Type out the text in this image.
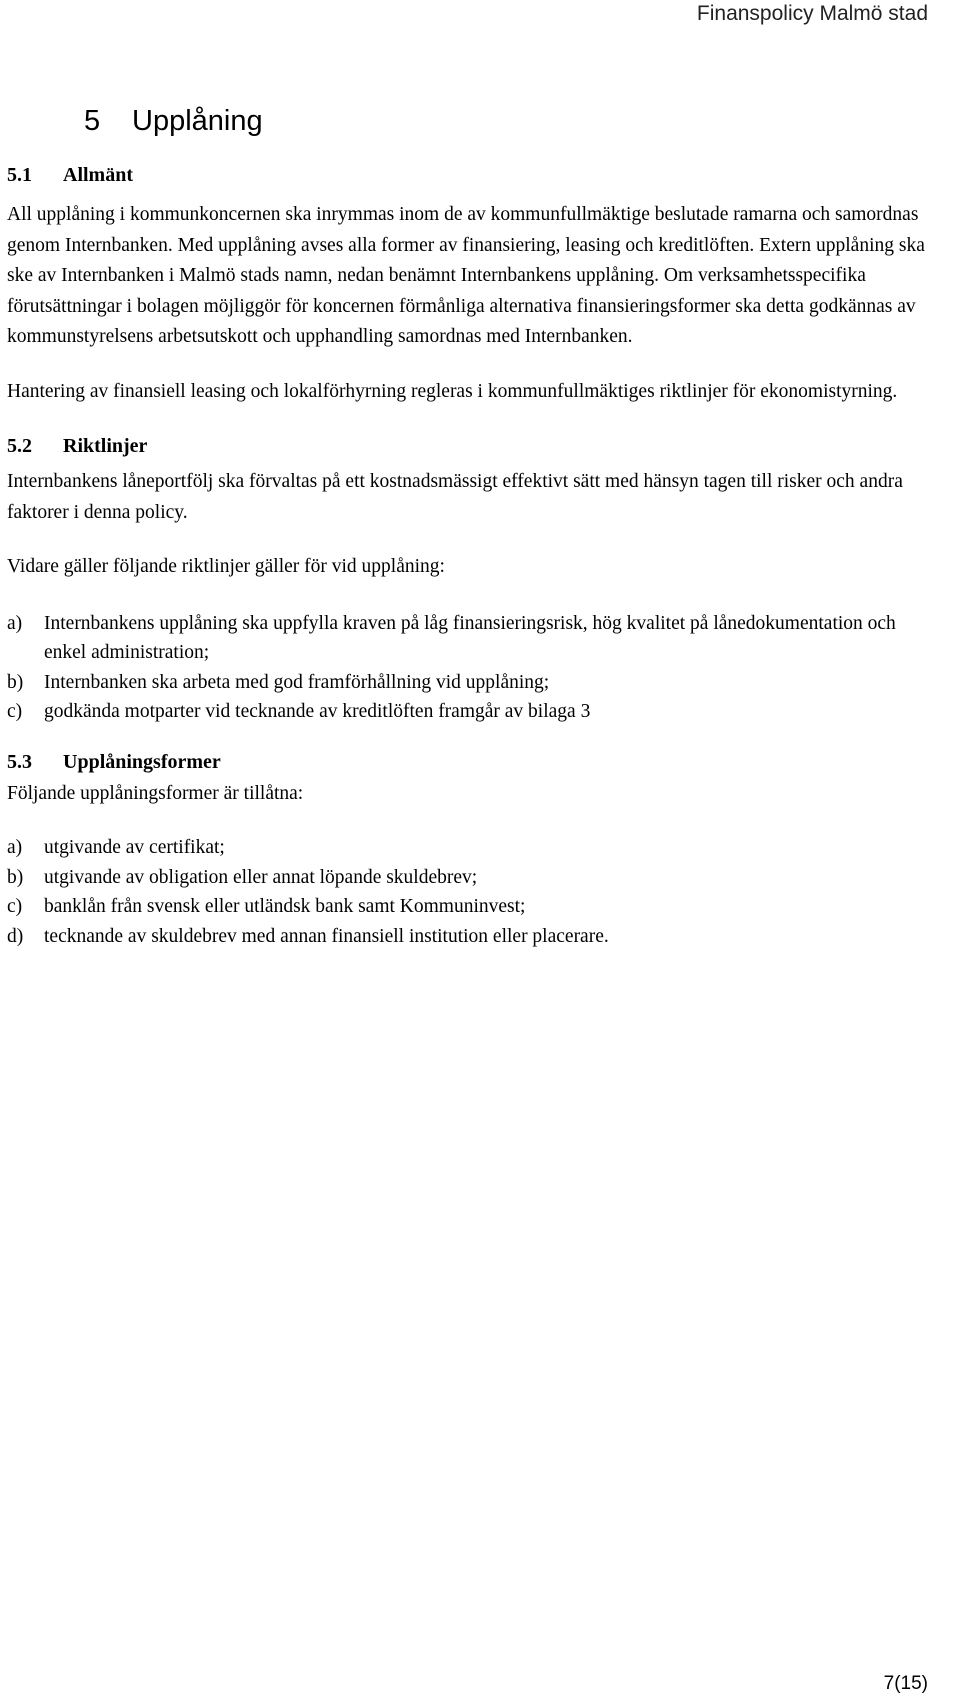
Finanspolicy Malmö stad
5 Upplåning
5.1 Allmänt

All upplåning i kommunkoncernen ska inrymmas inom de av kommunfullmäktige beslutade ramarna och samordnas genom Internbanken. Med upplåning avses alla former av finansiering, leasing och kreditlöften. Extern upplåning ska ske av Internbanken i Malmö stads namn, nedan benämnt Internbankens upplåning. Om verksamhetsspecifika förutsättningar i bolagen möjliggör för koncernen förmånliga alternativa finansieringsformer ska detta godkännas av kommunstyrelsens arbetsutskott och upphandling samordnas med Internbanken.

Hantering av finansiell leasing och lokalförhyrning regleras i kommunfullmäktiges riktlinjer för ekonomistyrning.

5.2 Riktlinjer

Internbankens låneportfölj ska förvaltas på ett kostnadsmässigt effektivt sätt med hänsyn tagen till risker och andra faktorer i denna policy.

Vidare gäller följande riktlinjer gäller för vid upplåning:

a) Internbankens upplåning ska uppfylla kraven på låg finansieringsrisk, hög kvalitet på lånedokumentation och enkel administration;
b) Internbanken ska arbeta med god framförhållning vid upplåning;
c) godkända motparter vid tecknande av kreditlöften framgår av bilaga 3
5.3 Upplåningsformer

Följande upplåningsformer är tillåtna:

a) utgivande av certifikat;
b) utgivande av obligation eller annat löpande skuldebrev;
c) banklån från svensk eller utländsk bank samt Kommuninvest;
d) tecknande av skuldebrev med annan finansiell institution eller placerare.
7(15)
